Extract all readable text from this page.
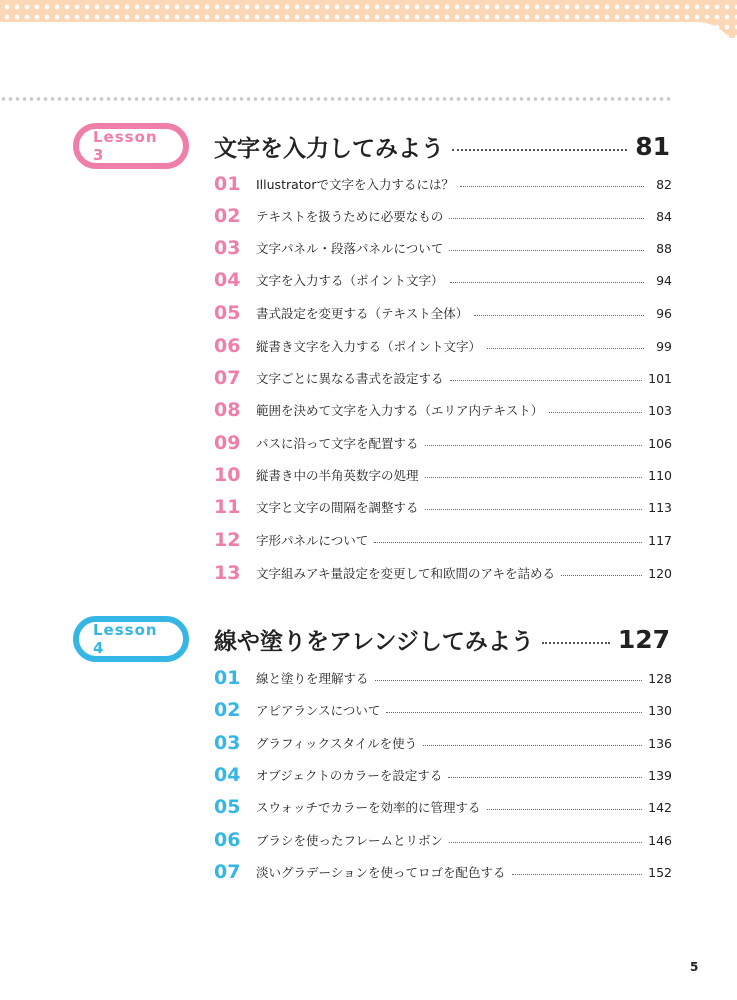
Lesson 3	文字を入力してみよう	81
01	Illustratorで文字を入力するには？	82
02	テキストを扱うために必要なもの	84
03	文字パネル・段落パネルについて	88
04	文字を入力する（ポイント文字）	94
05	書式設定を変更する（テキスト全体）	96
06	縦書き文字を入力する（ポイント文字）	99
07	文字ごとに異なる書式を設定する	101
08	範囲を決めて文字を入力する（エリア内テキスト）	103
09	パスに沿って文字を配置する	106
10	縦書き中の半角英数字の処理	110
11	文字と文字の間隔を調整する	113
12	字形パネルについて	117
13	文字組みアキ量設定を変更して和欧間のアキを詰める	120
Lesson 4	線や塗りをアレンジしてみよう	127
01	線と塗りを理解する	128
02	アピアランスについて	130
03	グラフィックスタイルを使う	136
04	オブジェクトのカラーを設定する	139
05	スウォッチでカラーを効率的に管理する	142
06	ブラシを使ったフレームとリボン	146
07	淡いグラデーションを使ってロゴを配色する	152
5
